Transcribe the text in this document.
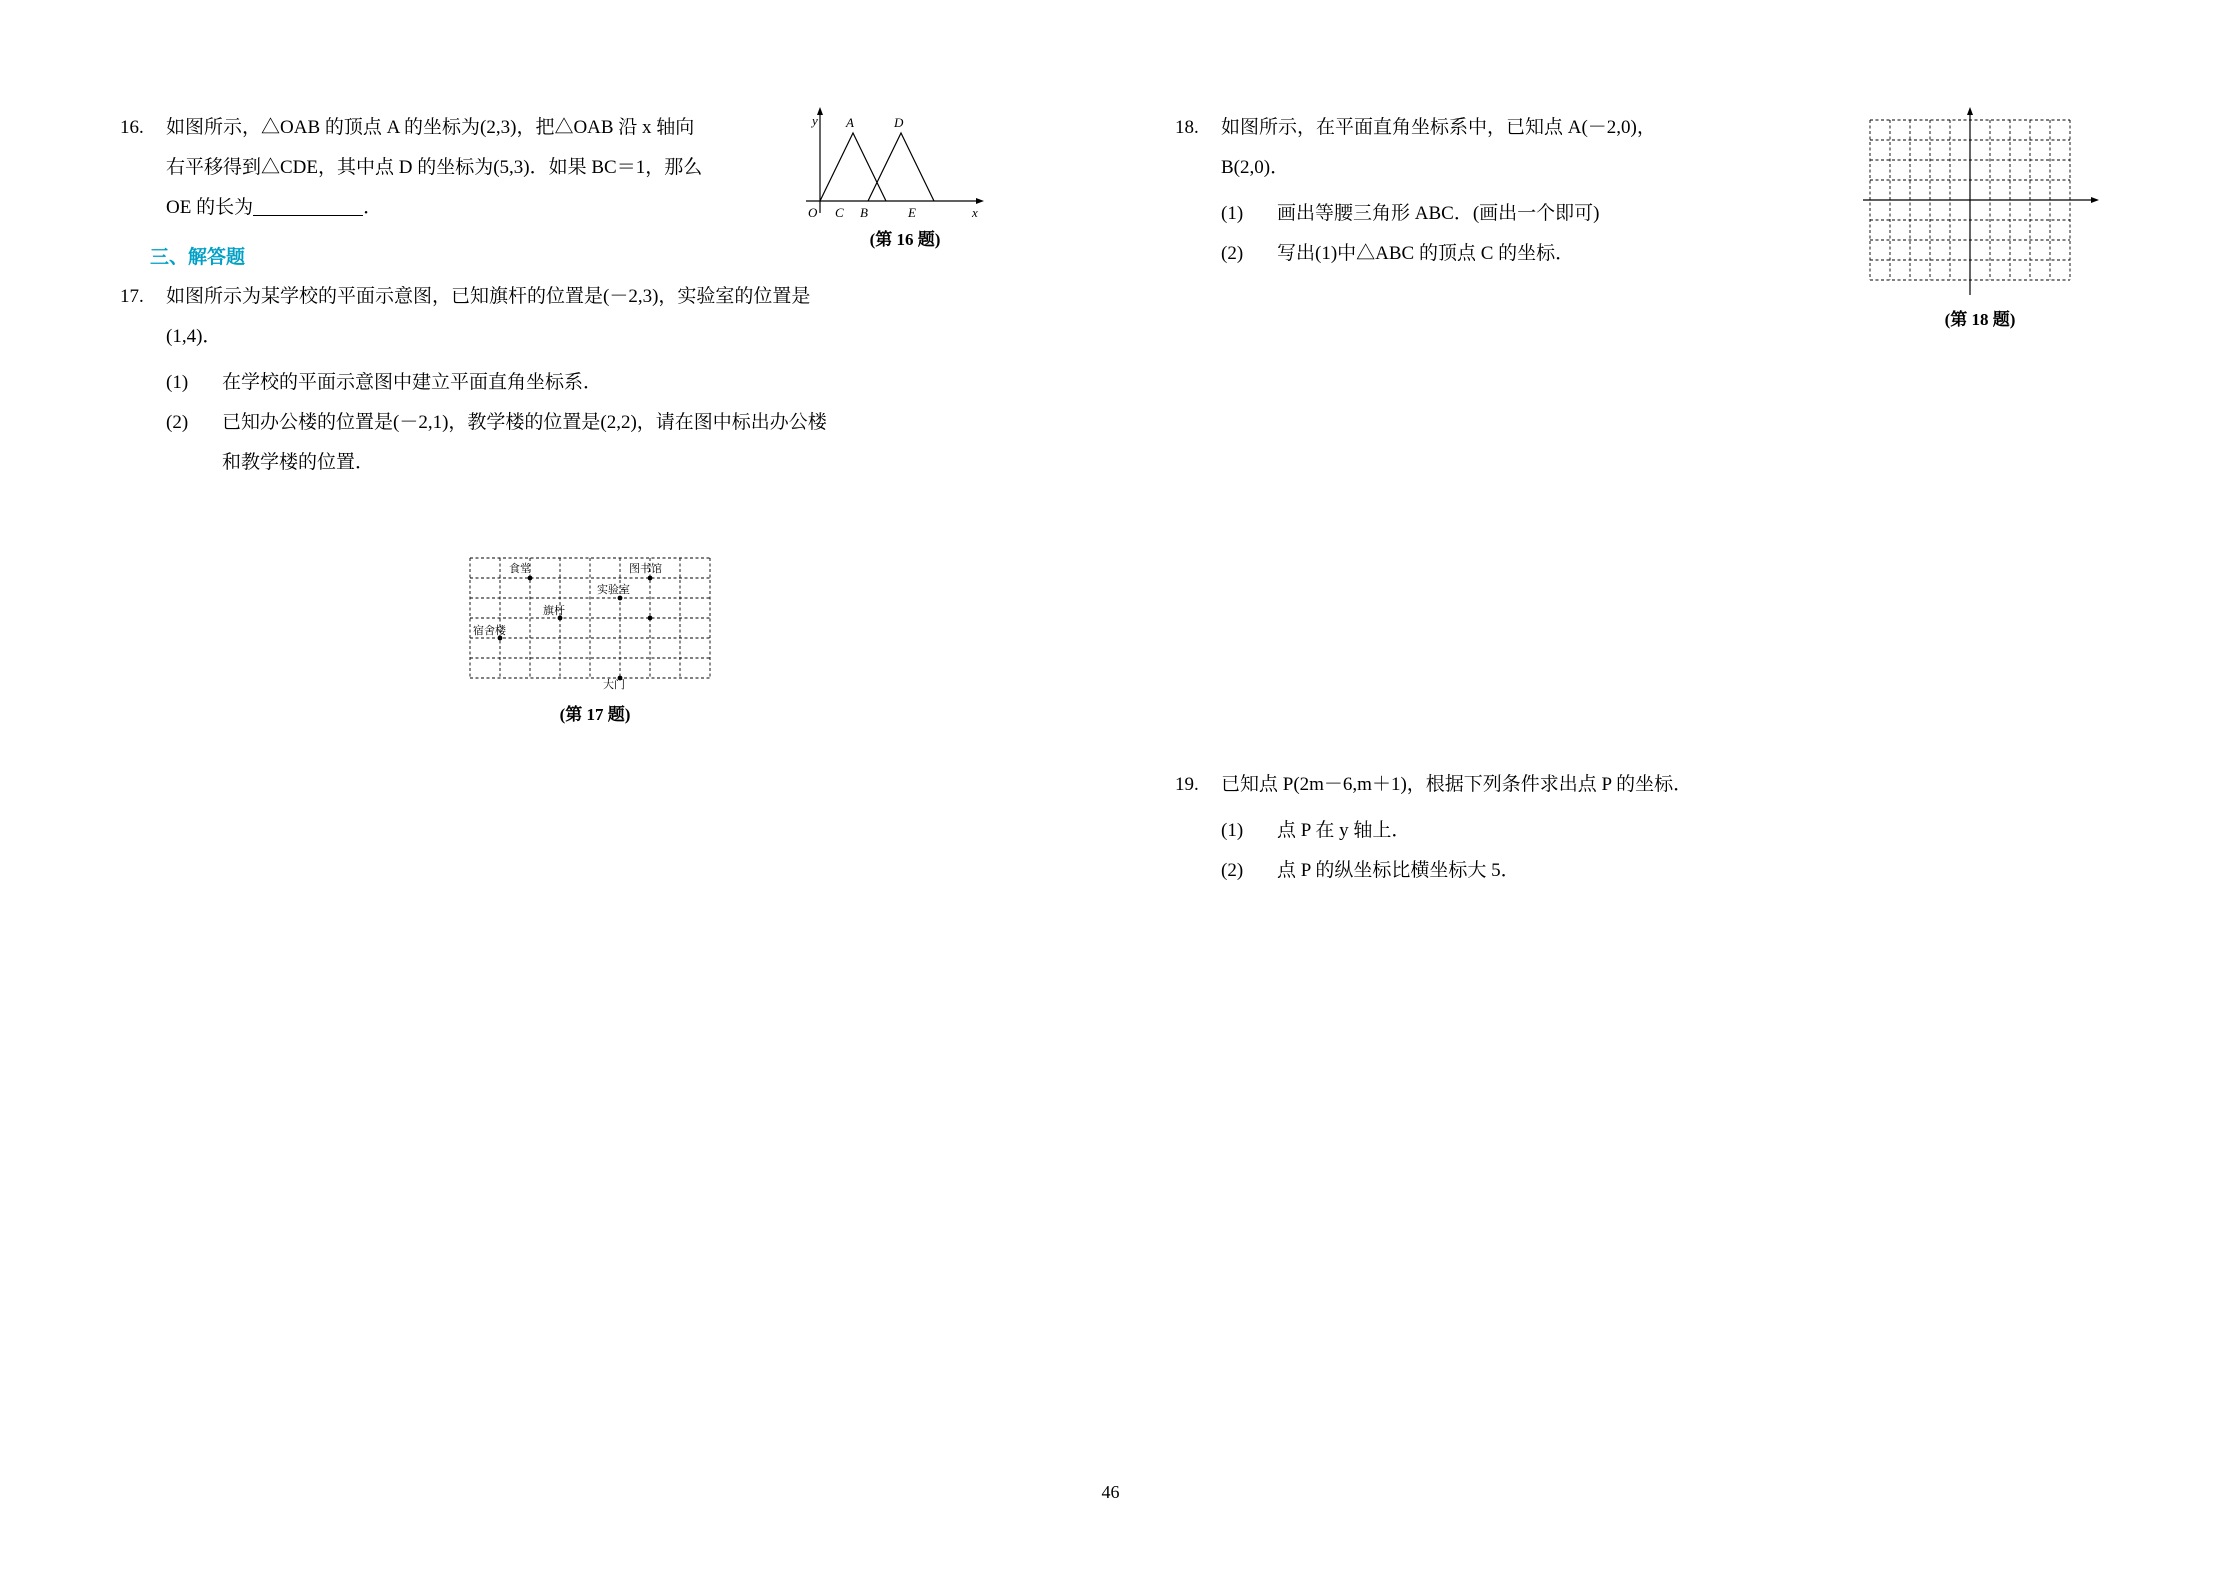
16.	如图所示，△OAB 的顶点 A 的坐标为(2,3)，把△OAB 沿 x 轴向
右平移得到△CDE，其中点 D 的坐标为(5,3)．如果 BC＝1，那么
OE 的长为	．
三、解答题
17.	如图所示为某学校的平面示意图，已知旗杆的位置是(－2,3)，实验室的位置是
(1,4)．
(1)	在学校的平面示意图中建立平面直角坐标系．
(2)	已知办公楼的位置是(－2,1)，教学楼的位置是(2,2)，请在图中标出办公楼
和教学楼的位置．
18.	如图所示，在平面直角坐标系中，已知点 A(－2,0)，
B(2,0)．
(1)	画出等腰三角形 ABC．(画出一个即可)
(2)	写出(1)中△ABC 的顶点 C 的坐标．
19.	已知点 P(2m－6,m＋1)，根据下列条件求出点 P 的坐标．
(1)	点 P 在 y 轴上．
(2)	点 P 的纵坐标比横坐标大 5．
y
x
O
A	D
C B	E
(第 16 题)
食堂	图书馆
实验室
旗杆
宿舍楼
大门
(第 17 题)
(第 18 题)
46
